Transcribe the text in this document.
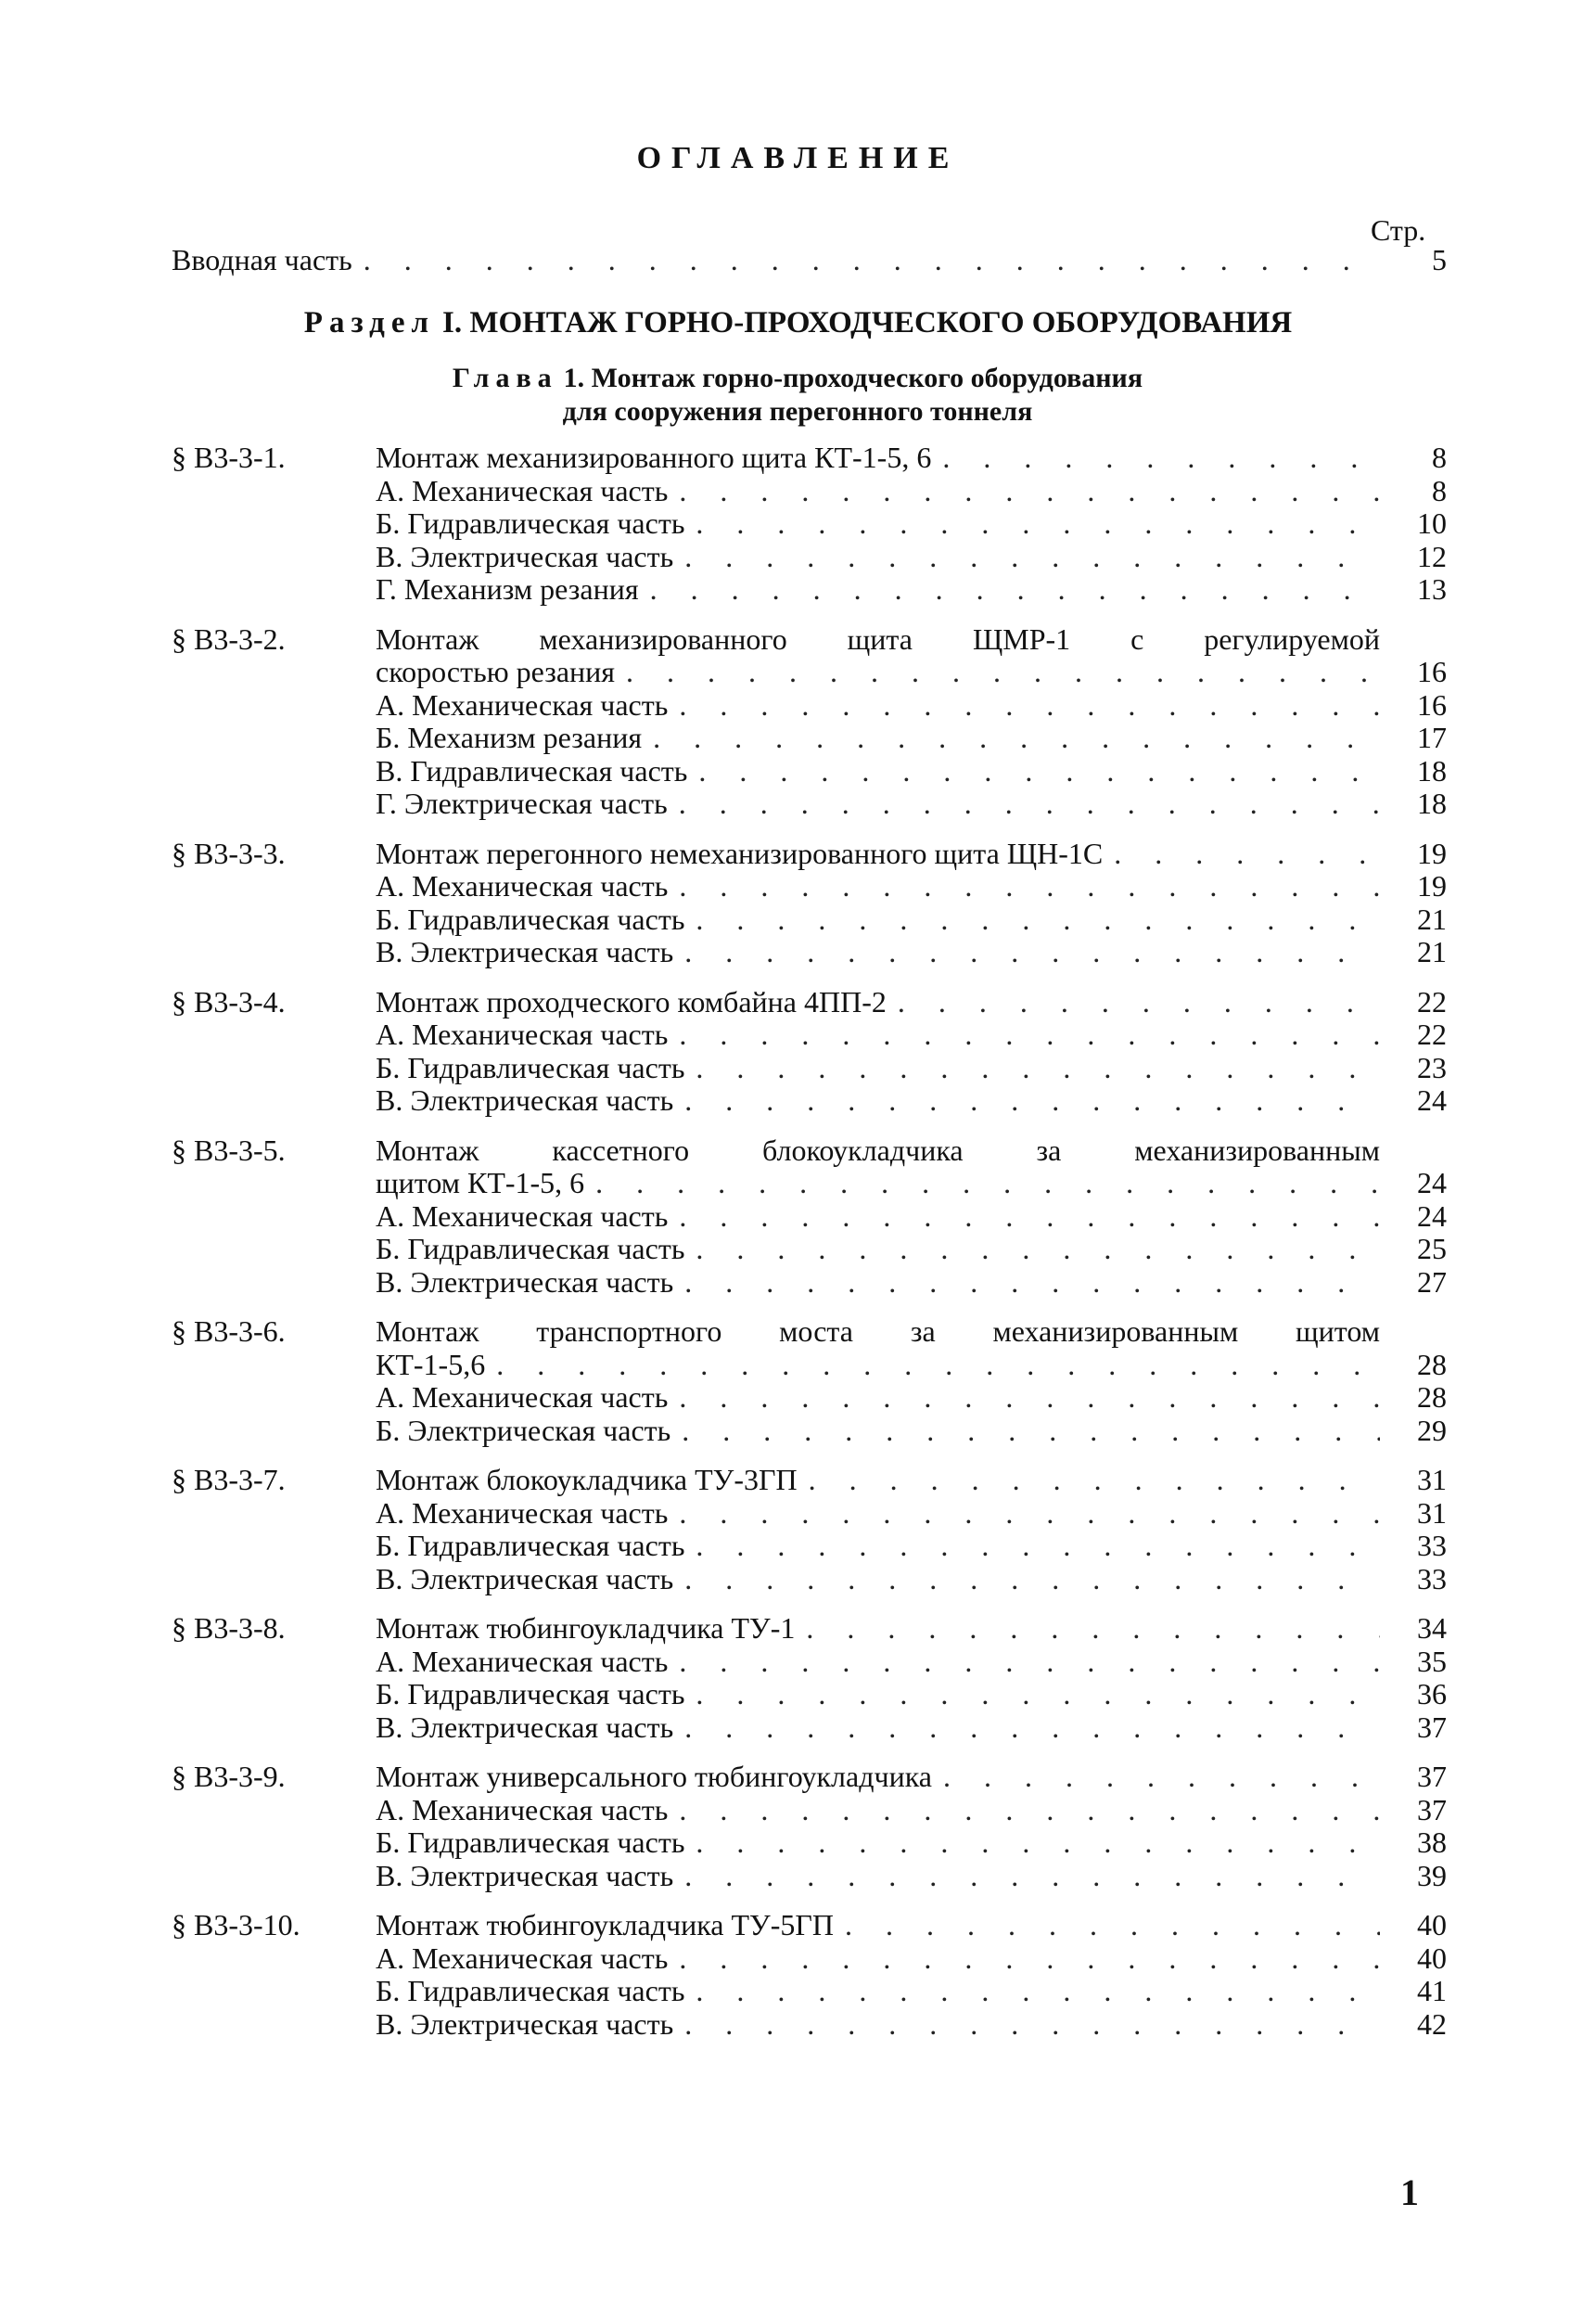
ОГЛАВЛЕНИЕ
Стр.
Вводная часть . . .	5
Раздел I. МОНТАЖ ГОРНО-ПРОХОДЧЕСКОГО ОБОРУДОВАНИЯ
Глава 1. Монтаж горно-проходческого оборудования
для сооружения перегонного тоннеля
§ В3-3-1.	Монтаж механизированного щита КТ-1-5, 6 . . .	8
А. Механическая часть . . .	8
Б. Гидравлическая часть . . .	10
В. Электрическая часть . . .	12
Г. Механизм резания . . .	13
§ В3-3-2.	Монтаж механизированного щита ЩМР-1 с регулируемой
скоростью резания . . .	16
А. Механическая часть . . .	16
Б. Механизм резания . . .	17
В. Гидравлическая часть . . .	18
Г. Электрическая часть . . .	18
§ В3-3-3.	Монтаж перегонного немеханизированного щита ЩН-1С . . .	19
А. Механическая часть . . .	19
Б. Гидравлическая часть . . .	21
В. Электрическая часть . . .	21
§ В3-3-4.	Монтаж проходческого комбайна 4ПП-2 . . .	22
А. Механическая часть . . .	22
Б. Гидравлическая часть . . .	23
В. Электрическая часть . . .	24
§ В3-3-5.	Монтаж кассетного блокоукладчика за механизированным
щитом КТ-1-5, 6 . . .	24
А. Механическая часть . . .	24
Б. Гидравлическая часть . . .	25
В. Электрическая часть . . .	27
§ В3-3-6.	Монтаж транспортного моста за механизированным щитом
КТ-1-5,6 . . .	28
А. Механическая часть . . .	28
Б. Электрическая часть . . .	29
§ В3-3-7.	Монтаж блокоукладчика ТУ-3ГП . . .	31
А. Механическая часть . . .	31
Б. Гидравлическая часть . . .	33
В. Электрическая часть . . .	33
§ В3-3-8.	Монтаж тюбингоукладчика ТУ-1 . . .	34
А. Механическая часть . . .	35
Б. Гидравлическая часть . . .	36
В. Электрическая часть . . .	37
§ В3-3-9.	Монтаж универсального тюбингоукладчика . . .	37
А. Механическая часть . . .	37
Б. Гидравлическая часть . . .	38
В. Электрическая часть . . .	39
§ В3-3-10.	Монтаж тюбингоукладчика ТУ-5ГП . . .	40
А. Механическая часть . . .	40
Б. Гидравлическая часть . . .	41
В. Электрическая часть . . .	42
1
